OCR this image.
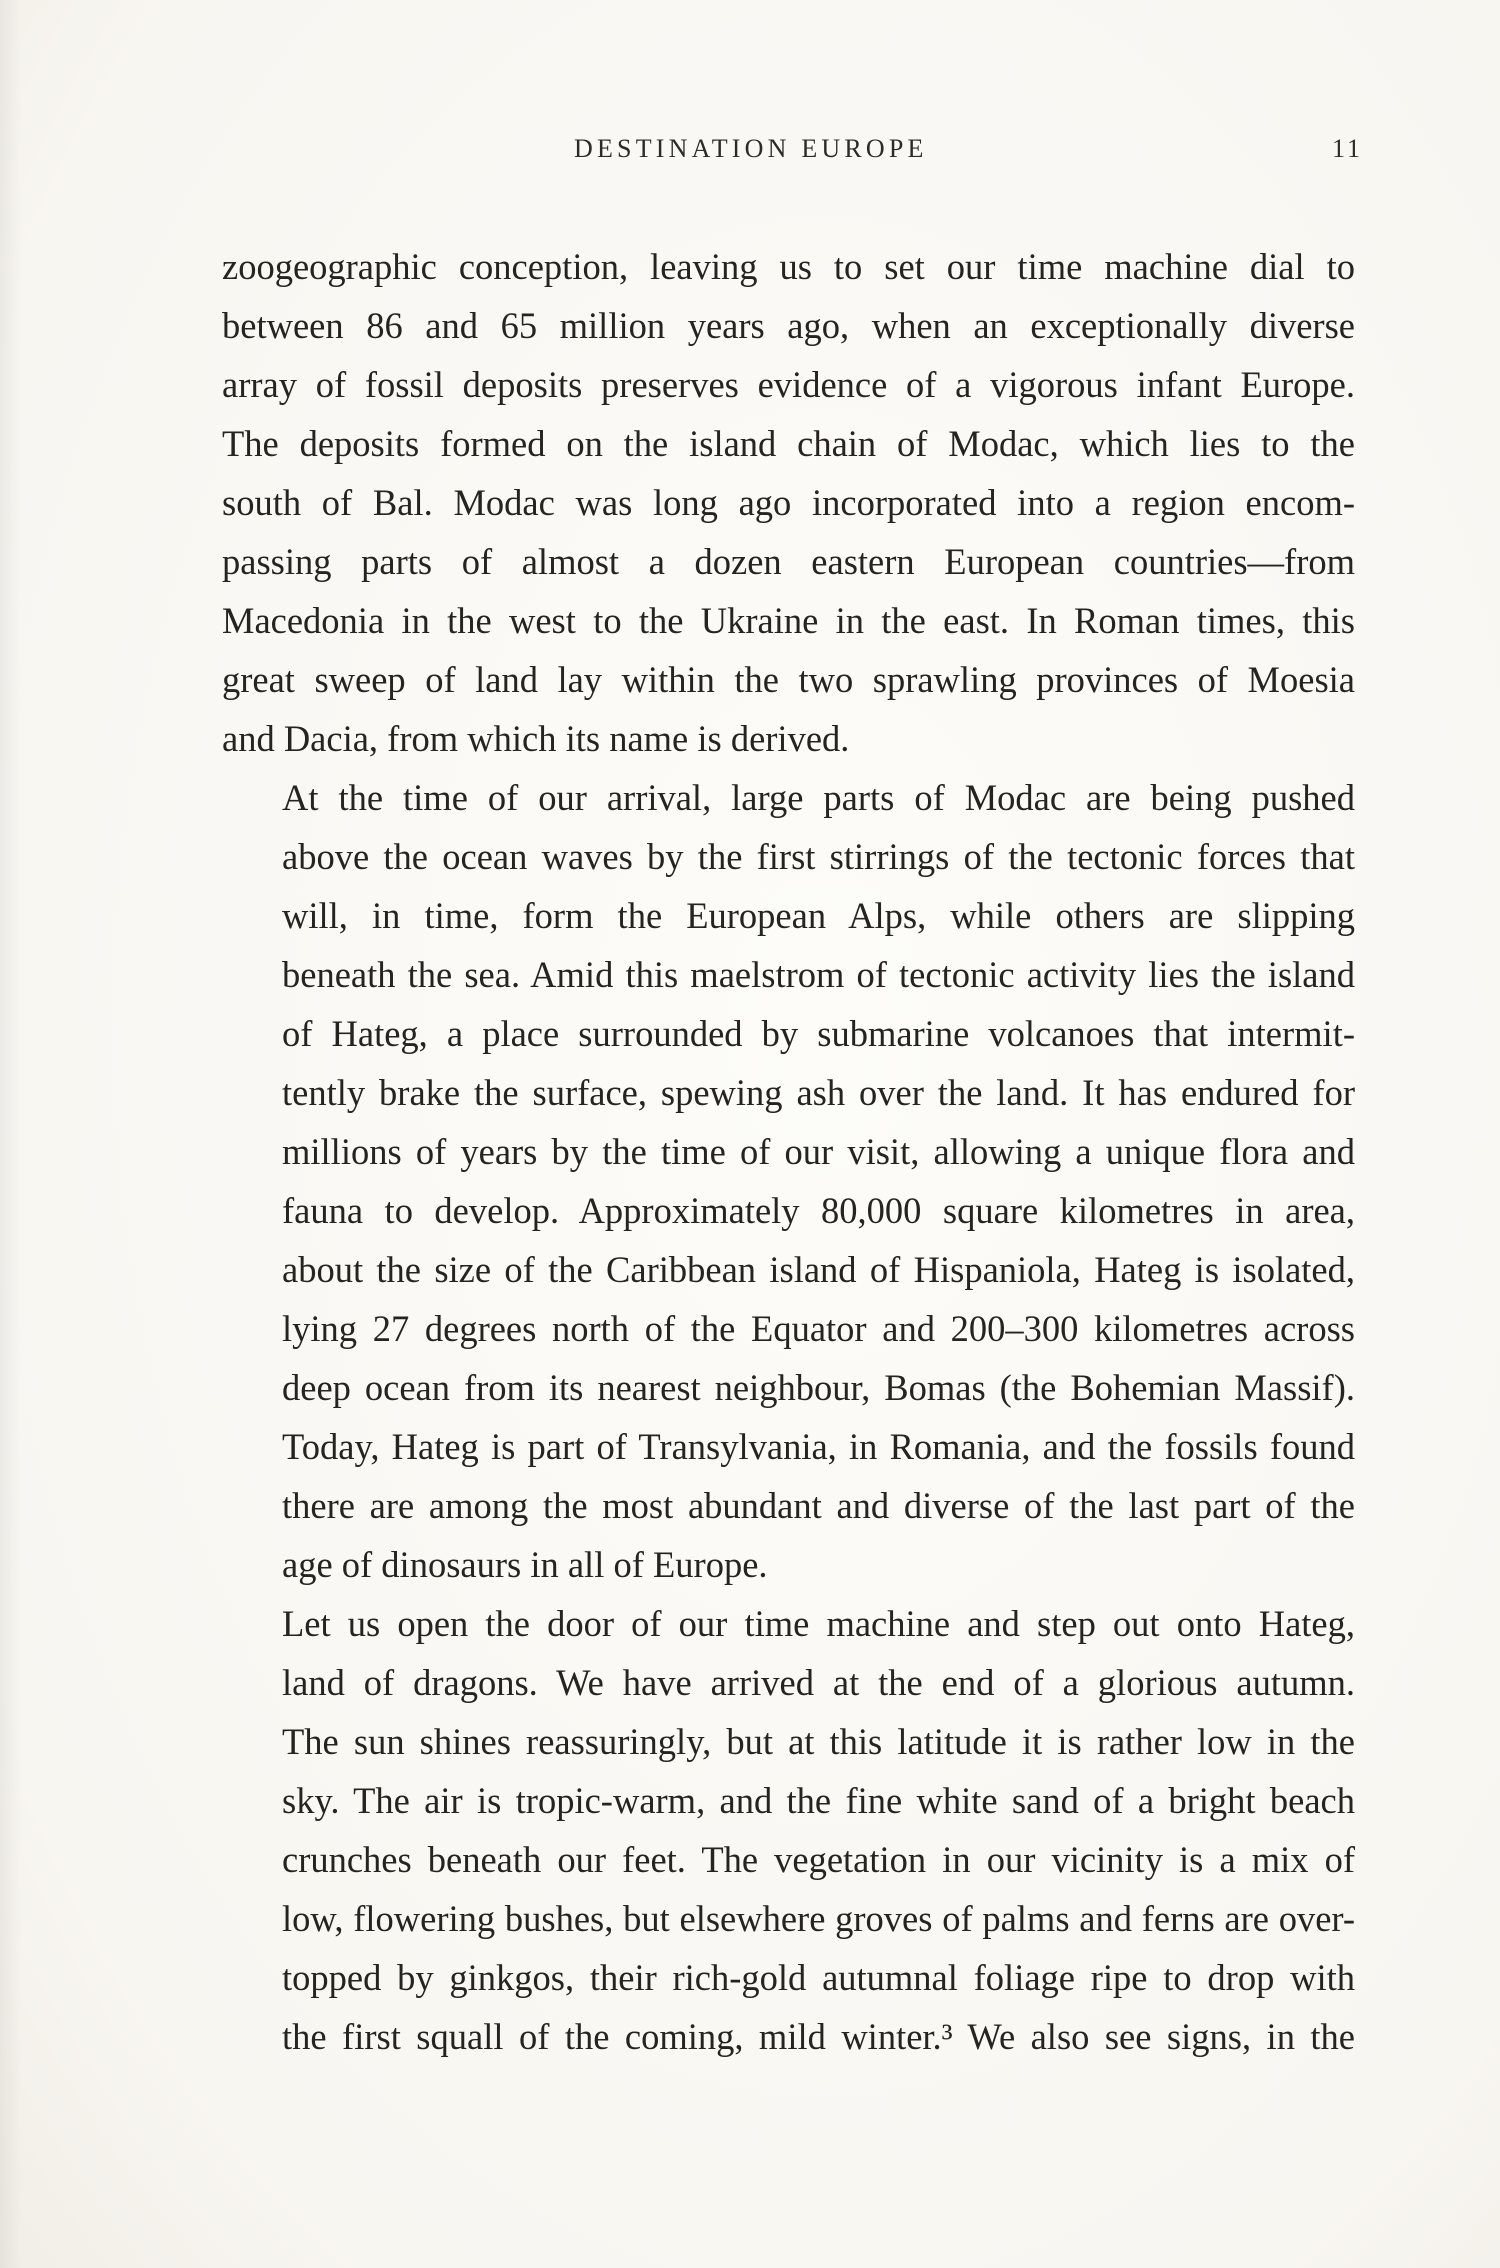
DESTINATION EUROPE	11

zoogeographic conception, leaving us to set our time machine dial to
between 86 and 65 million years ago, when an exceptionally diverse
array of fossil deposits preserves evidence of a vigorous infant Europe.
The deposits formed on the island chain of Modac, which lies to the
south of Bal. Modac was long ago incorporated into a region encom-
passing parts of almost a dozen eastern European countries—from
Macedonia in the west to the Ukraine in the east. In Roman times, this
great sweep of land lay within the two sprawling provinces of Moesia
and Dacia, from which its name is derived.

At the time of our arrival, large parts of Modac are being pushed
above the ocean waves by the first stirrings of the tectonic forces that
will, in time, form the European Alps, while others are slipping
beneath the sea. Amid this maelstrom of tectonic activity lies the island
of Hateg, a place surrounded by submarine volcanoes that intermit-
tently brake the surface, spewing ash over the land. It has endured for
millions of years by the time of our visit, allowing a unique flora and
fauna to develop. Approximately 80,000 square kilometres in area,
about the size of the Caribbean island of Hispaniola, Hateg is isolated,
lying 27 degrees north of the Equator and 200–300 kilometres across
deep ocean from its nearest neighbour, Bomas (the Bohemian Massif).
Today, Hateg is part of Transylvania, in Romania, and the fossils found
there are among the most abundant and diverse of the last part of the
age of dinosaurs in all of Europe.

Let us open the door of our time machine and step out onto Hateg,
land of dragons. We have arrived at the end of a glorious autumn.
The sun shines reassuringly, but at this latitude it is rather low in the
sky. The air is tropic-warm, and the fine white sand of a bright beach
crunches beneath our feet. The vegetation in our vicinity is a mix of
low, flowering bushes, but elsewhere groves of palms and ferns are over-
topped by ginkgos, their rich-gold autumnal foliage ripe to drop with
the first squall of the coming, mild winter.³ We also see signs, in the
